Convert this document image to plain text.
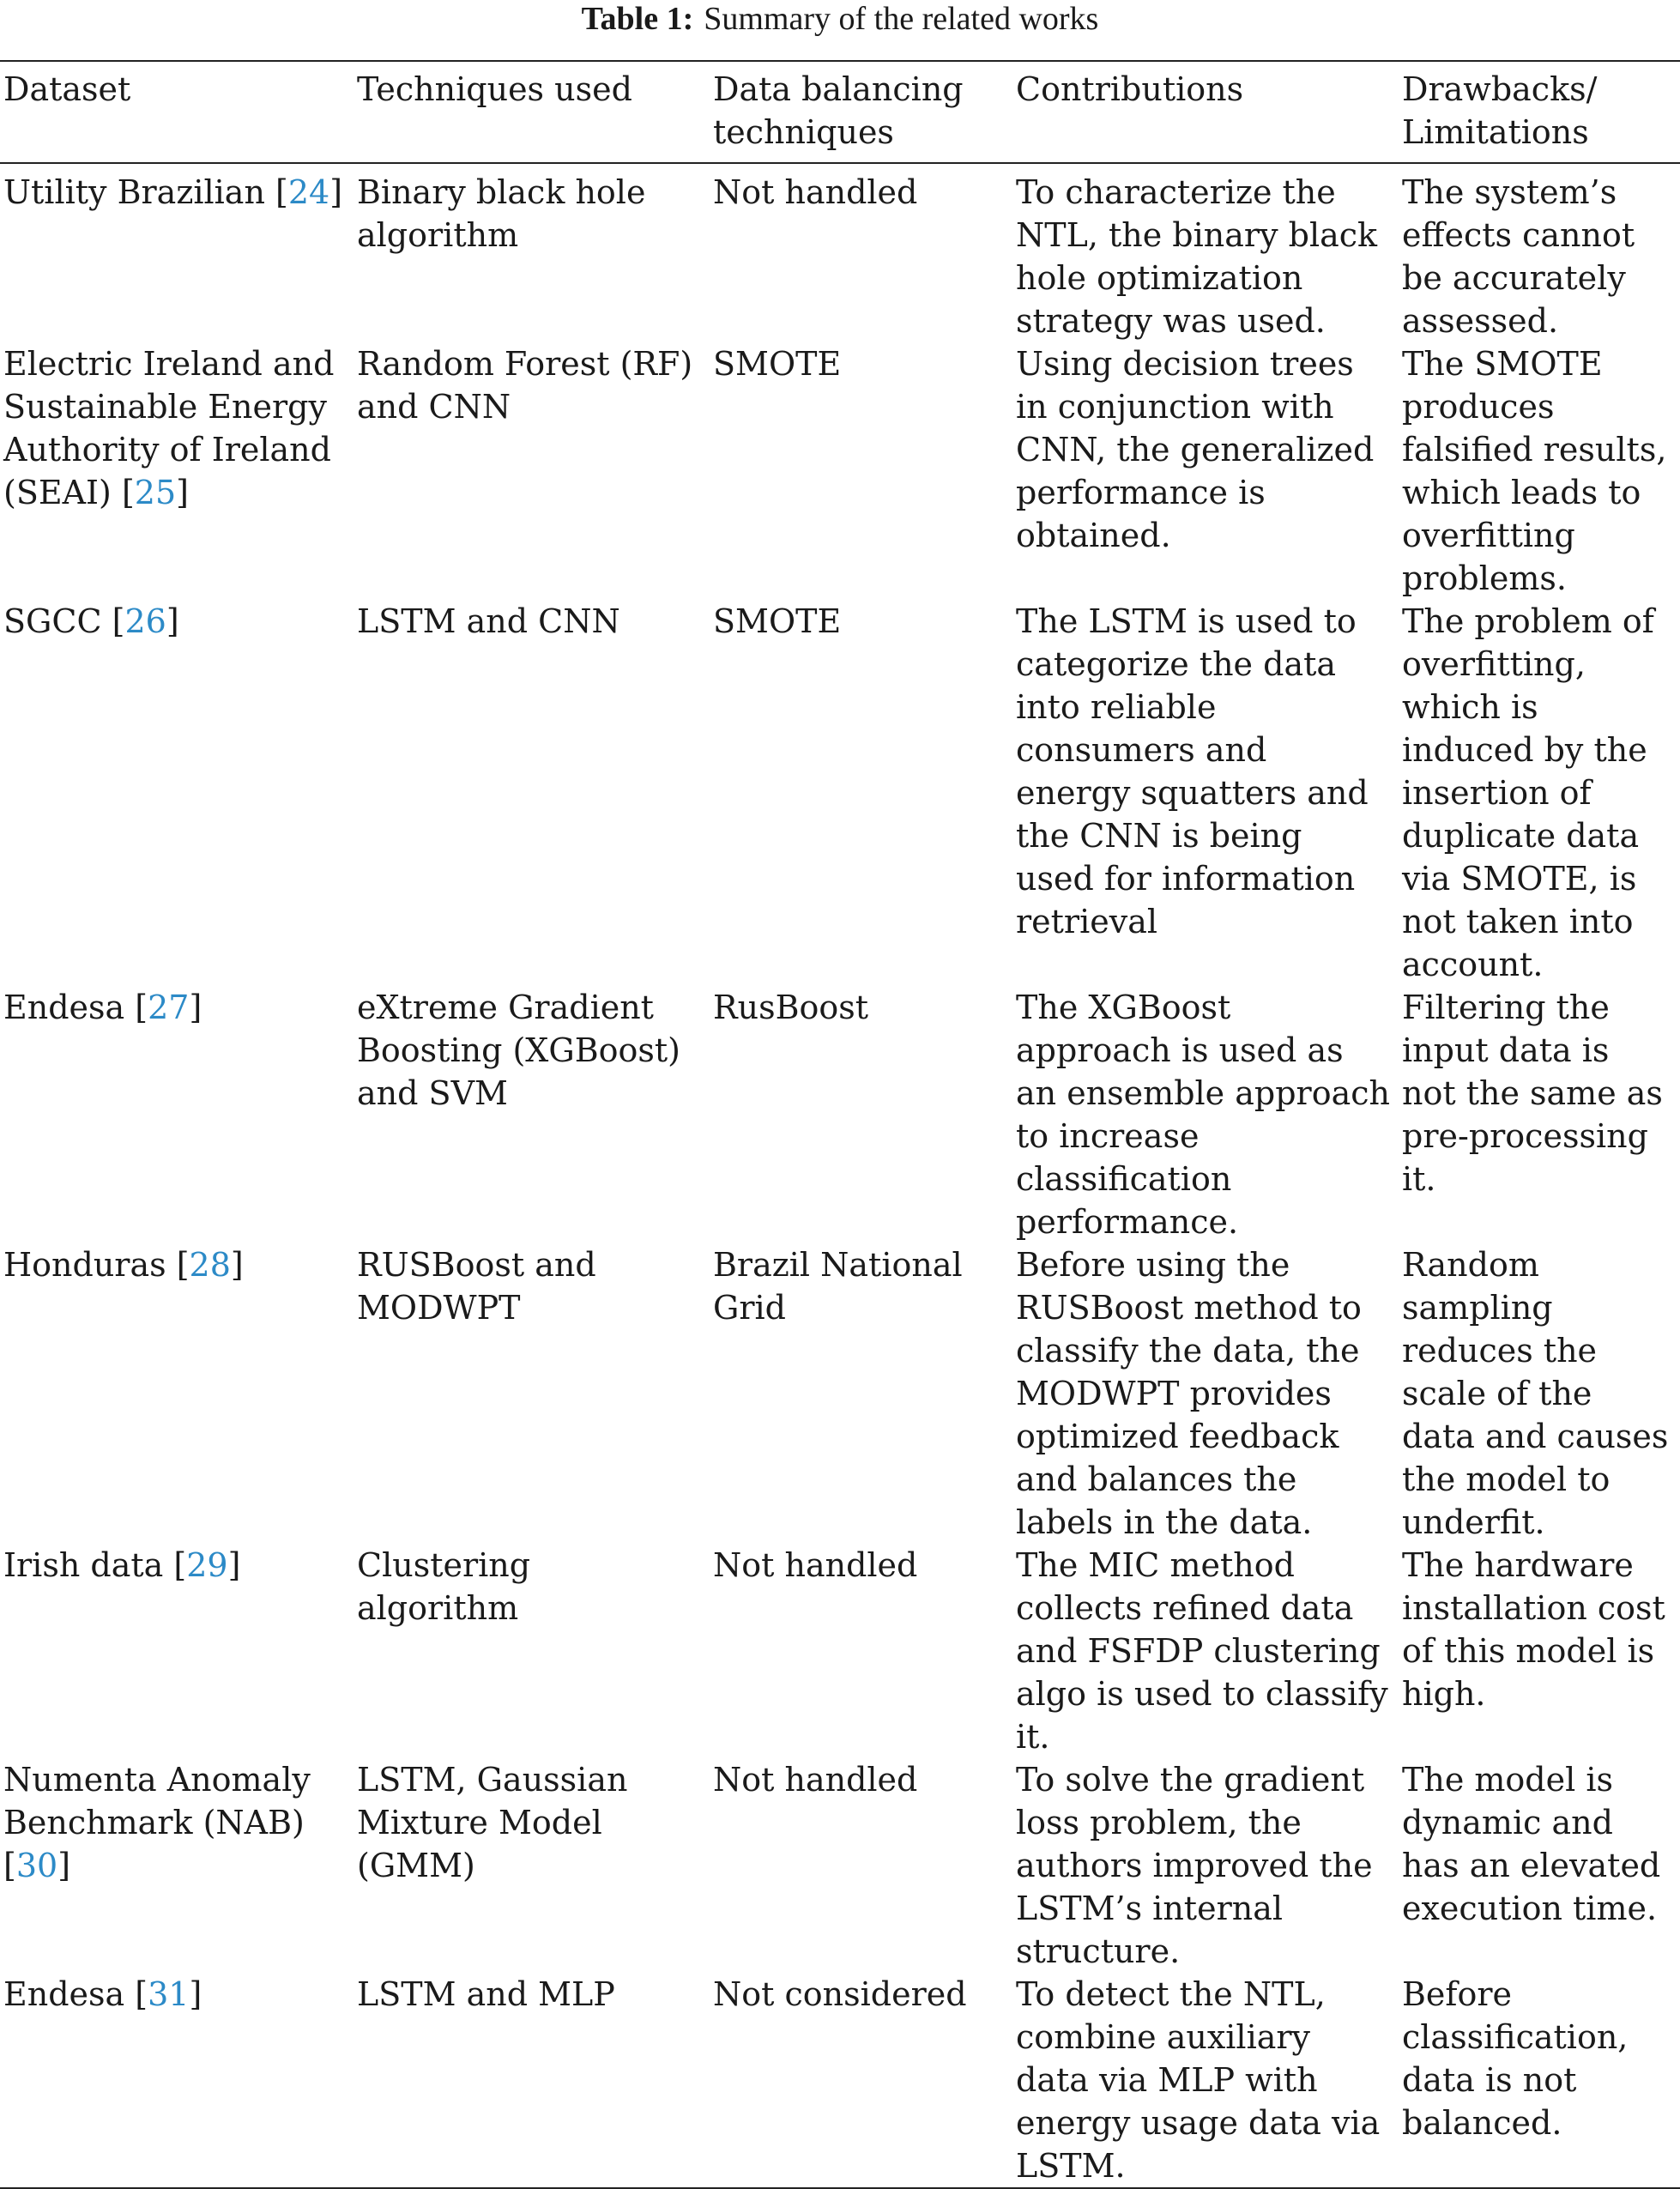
Table 1: Summary of the related works
Dataset	Techniques used	Data balancing techniques	Contributions	Drawbacks/ Limitations
Utility Brazilian [24]	Binary black hole algorithm	Not handled	To characterize the NTL, the binary black hole optimization strategy was used.	The system’s effects cannot be accurately assessed.
Electric Ireland and Sustainable Energy Authority of Ireland (SEAI) [25]	Random Forest (RF) and CNN	SMOTE	Using decision trees in conjunction with CNN, the generalized performance is obtained.	The SMOTE produces falsified results, which leads to overfitting problems.
SGCC [26]	LSTM and CNN	SMOTE	The LSTM is used to categorize the data into reliable consumers and energy squatters and the CNN is being used for information retrieval	The problem of overfitting, which is induced by the insertion of duplicate data via SMOTE, is not taken into account.
Endesa [27]	eXtreme Gradient Boosting (XGBoost) and SVM	RusBoost	The XGBoost approach is used as an ensemble approach to increase classification performance.	Filtering the input data is not the same as pre-processing it.
Honduras [28]	RUSBoost and MODWPT	Brazil National Grid	Before using the RUSBoost method to classify the data, the MODWPT provides optimized feedback and balances the labels in the data.	Random sampling reduces the scale of the data and causes the model to underfit.
Irish data [29]	Clustering algorithm	Not handled	The MIC method collects refined data and FSFDP clustering algo is used to classify it.	The hardware installation cost of this model is high.
Numenta Anomaly Benchmark (NAB) [30]	LSTM, Gaussian Mixture Model (GMM)	Not handled	To solve the gradient loss problem, the authors improved the LSTM’s internal structure.	The model is dynamic and has an elevated execution time.
Endesa [31]	LSTM and MLP	Not considered	To detect the NTL, combine auxiliary data via MLP with energy usage data via LSTM.	Before classification, data is not balanced.
